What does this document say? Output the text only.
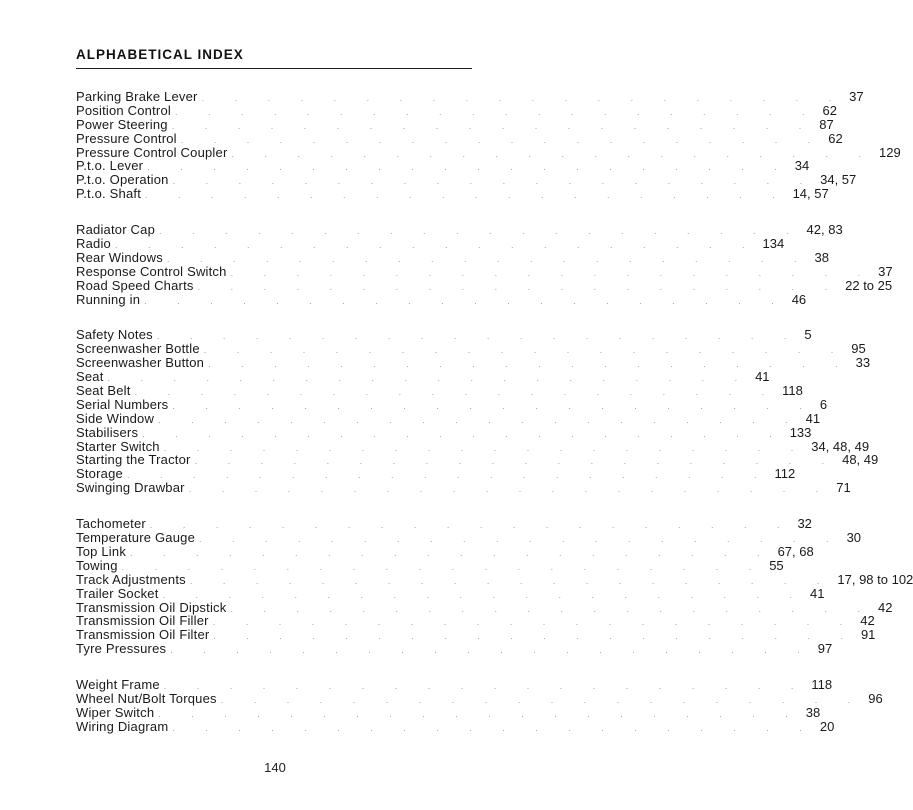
ALPHABETICAL INDEX
Parking Brake Lever . . . . . . . . . . . . . . . . . . . . 37
Position Control . . . . . . . . . . . . . . . . . . . . 62
Power Steering . . . . . . . . . . . . . . . . . . . . 87
Pressure Control . . . . . . . . . . . . . . . . . . . . 62
Pressure Control Coupler . . . . . . . . . . . . . . . . . . . . 129
P.t.o. Lever . . . . . . . . . . . . . . . . . . . . 34
P.t.o. Operation . . . . . . . . . . . . . . . . . . . . 34, 57
P.t.o. Shaft . . . . . . . . . . . . . . . . . . . . 14, 57
Radiator Cap . . . . . . . . . . . . . . . . . . . . 42, 83
Radio . . . . . . . . . . . . . . . . . . . . 134
Rear Windows . . . . . . . . . . . . . . . . . . . . 38
Response Control Switch . . . . . . . . . . . . . . . . . . . . 37
Road Speed Charts . . . . . . . . . . . . . . . . . . . . 22 to 25
Running in . . . . . . . . . . . . . . . . . . . . 46
Safety Notes . . . . . . . . . . . . . . . . . . . . 5
Screenwasher Bottle . . . . . . . . . . . . . . . . . . . . 95
Screenwasher Button . . . . . . . . . . . . . . . . . . . . 33
Seat . . . . . . . . . . . . . . . . . . . . 41
Seat Belt . . . . . . . . . . . . . . . . . . . . 118
Serial Numbers . . . . . . . . . . . . . . . . . . . . 6
Side Window . . . . . . . . . . . . . . . . . . . . 41
Stabilisers . . . . . . . . . . . . . . . . . . . . 133
Starter Switch . . . . . . . . . . . . . . . . . . . . 34, 48, 49
Starting the Tractor . . . . . . . . . . . . . . . . . . . . 48, 49
Storage . . . . . . . . . . . . . . . . . . . . 112
Swinging Drawbar . . . . . . . . . . . . . . . . . . . . 71
Tachometer . . . . . . . . . . . . . . . . . . . . 32
Temperature Gauge . . . . . . . . . . . . . . . . . . . . 30
Top Link . . . . . . . . . . . . . . . . . . . . 67, 68
Towing . . . . . . . . . . . . . . . . . . . . 55
Track Adjustments . . . . . . . . . . . . . . . . . . . . 17, 98 to 102
Trailer Socket . . . . . . . . . . . . . . . . . . . . 41
Transmission Oil Dipstick . . . . . . . . . . . . . . . . . . . . 42
Transmission Oil Filler . . . . . . . . . . . . . . . . . . . . 42
Transmission Oil Filter . . . . . . . . . . . . . . . . . . . . 91
Tyre Pressures . . . . . . . . . . . . . . . . . . . . 97
Weight Frame . . . . . . . . . . . . . . . . . . . . 118
Wheel Nut/Bolt Torques . . . . . . . . . . . . . . . . . . . . 96
Wiper Switch . . . . . . . . . . . . . . . . . . . . 38
Wiring Diagram . . . . . . . . . . . . . . . . . . . . 20
140
